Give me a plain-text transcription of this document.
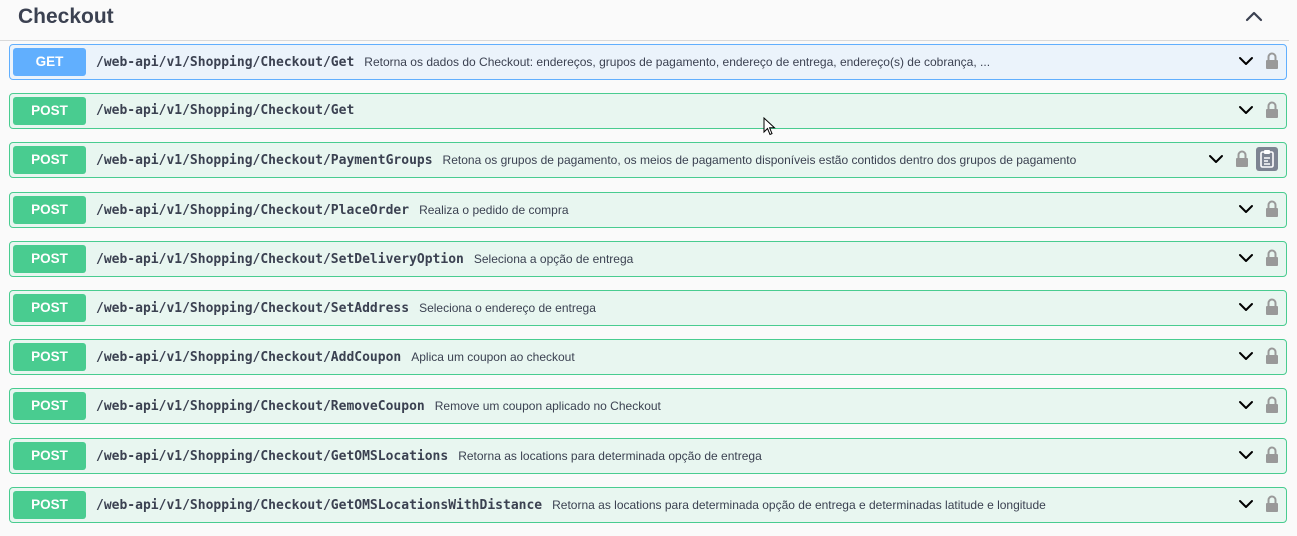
Checkout
GET	/web-api/v1/Shopping/Checkout/Get Retorna os dados do Checkout: endereços, grupos de pagamento, endereço de entrega, endereço(s) de cobrança, ...
POST	/web-api/v1/Shopping/Checkout/Get
POST	/web-api/v1/Shopping/Checkout/PaymentGroups Retona os grupos de pagamento, os meios de pagamento disponíveis estão contidos dentro dos grupos de pagamento
POST	/web-api/v1/Shopping/Checkout/PlaceOrder Realiza o pedido de compra
POST	/web-api/v1/Shopping/Checkout/SetDeliveryOption Seleciona a opção de entrega
POST	/web-api/v1/Shopping/Checkout/SetAddress Seleciona o endereço de entrega
POST	/web-api/v1/Shopping/Checkout/AddCoupon Aplica um coupon ao checkout
POST	/web-api/v1/Shopping/Checkout/RemoveCoupon Remove um coupon aplicado no Checkout
POST	/web-api/v1/Shopping/Checkout/GetOMSLocations Retorna as locations para determinada opção de entrega
POST	/web-api/v1/Shopping/Checkout/GetOMSLocationsWithDistance Retorna as locations para determinada opção de entrega e determinadas latitude e longitude
